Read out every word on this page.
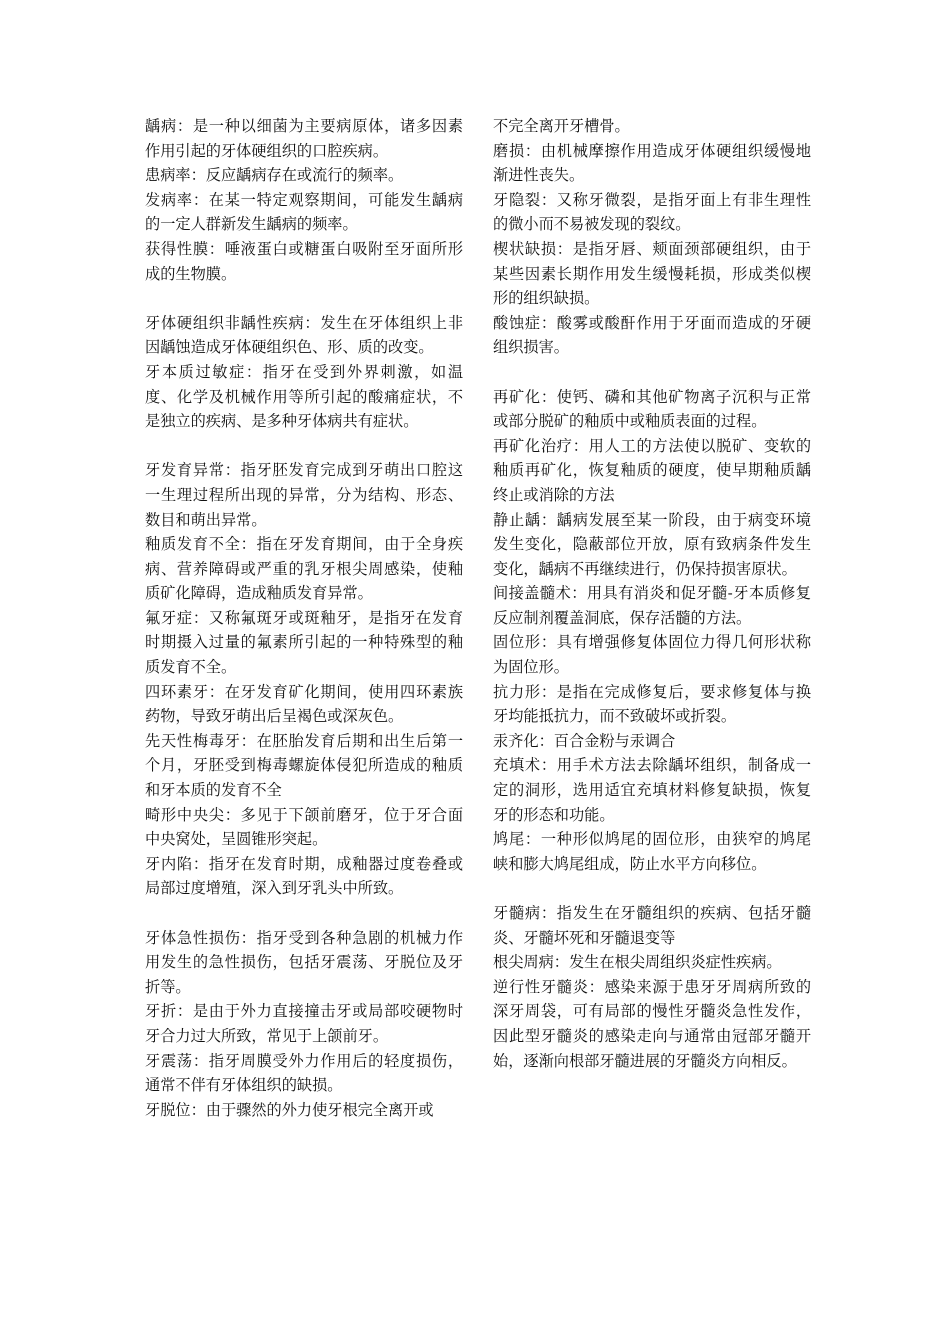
龋病：是一种以细菌为主要病原体，诸多因素作用引起的牙体硬组织的口腔疾病。

患病率：反应龋病存在或流行的频率。

发病率：在某一特定观察期间，可能发生龋病的一定人群新发生龋病的频率。

获得性膜：唾液蛋白或糖蛋白吸附至牙面所形成的生物膜。

牙体硬组织非龋性疾病：发生在牙体组织上非因龋蚀造成牙体硬组织色、形、质的改变。

牙本质过敏症：指牙在受到外界刺激，如温度、化学及机械作用等所引起的酸痛症状，不是独立的疾病、是多种牙体病共有症状。

牙发育异常：指牙胚发育完成到牙萌出口腔这一生理过程所出现的异常，分为结构、形态、数目和萌出异常。

釉质发育不全：指在牙发育期间，由于全身疾病、营养障碍或严重的乳牙根尖周感染，使釉质矿化障碍，造成釉质发育异常。

氟牙症：又称氟斑牙或斑釉牙，是指牙在发育时期摄入过量的氟素所引起的一种特殊型的釉质发育不全。

四环素牙：在牙发育矿化期间，使用四环素族药物，导致牙萌出后呈褐色或深灰色。

先天性梅毒牙：在胚胎发育后期和出生后第一个月，牙胚受到梅毒螺旋体侵犯所造成的釉质和牙本质的发育不全

畸形中央尖：多见于下颌前磨牙，位于牙合面中央窝处，呈圆锥形突起。

牙内陷：指牙在发育时期，成釉器过度卷叠或局部过度增殖，深入到牙乳头中所致。

牙体急性损伤：指牙受到各种急剧的机械力作用发生的急性损伤，包括牙震荡、牙脱位及牙折等。

牙折：是由于外力直接撞击牙或局部咬硬物时牙合力过大所致，常见于上颌前牙。

牙震荡：指牙周膜受外力作用后的轻度损伤，通常不伴有牙体组织的缺损。

牙脱位：由于骤然的外力使牙根完全离开或

不完全离开牙槽骨。

磨损：由机械摩擦作用造成牙体硬组织缓慢地渐进性丧失。

牙隐裂：又称牙微裂，是指牙面上有非生理性的微小而不易被发现的裂纹。

楔状缺损：是指牙唇、颊面颈部硬组织，由于某些因素长期作用发生缓慢耗损，形成类似楔形的组织缺损。

酸蚀症：酸雾或酸酐作用于牙面而造成的牙硬组织损害。

再矿化：使钙、磷和其他矿物离子沉积与正常或部分脱矿的釉质中或釉质表面的过程。

再矿化治疗：用人工的方法使以脱矿、变软的釉质再矿化，恢复釉质的硬度，使早期釉质龋终止或消除的方法

静止龋：龋病发展至某一阶段，由于病变环境发生变化，隐蔽部位开放，原有致病条件发生变化，龋病不再继续进行，仍保持损害原状。

间接盖髓术：用具有消炎和促牙髓-牙本质修复反应制剂覆盖洞底，保存活髓的方法。

固位形：具有增强修复体固位力得几何形状称为固位形。

抗力形：是指在完成修复后，要求修复体与换牙均能抵抗力，而不致破坏或折裂。

汞齐化：百合金粉与汞调合

充填术：用手术方法去除龋坏组织，制备成一定的洞形，选用适宜充填材料修复缺损，恢复牙的形态和功能。

鸠尾：一种形似鸠尾的固位形，由狭窄的鸠尾峡和膨大鸠尾组成，防止水平方向移位。

牙髓病：指发生在牙髓组织的疾病、包括牙髓炎、牙髓坏死和牙髓退变等

根尖周病：发生在根尖周组织炎症性疾病。

逆行性牙髓炎：感染来源于患牙牙周病所致的深牙周袋，可有局部的慢性牙髓炎急性发作，因此型牙髓炎的感染走向与通常由冠部牙髓开始，逐渐向根部牙髓进展的牙髓炎方向相反。
